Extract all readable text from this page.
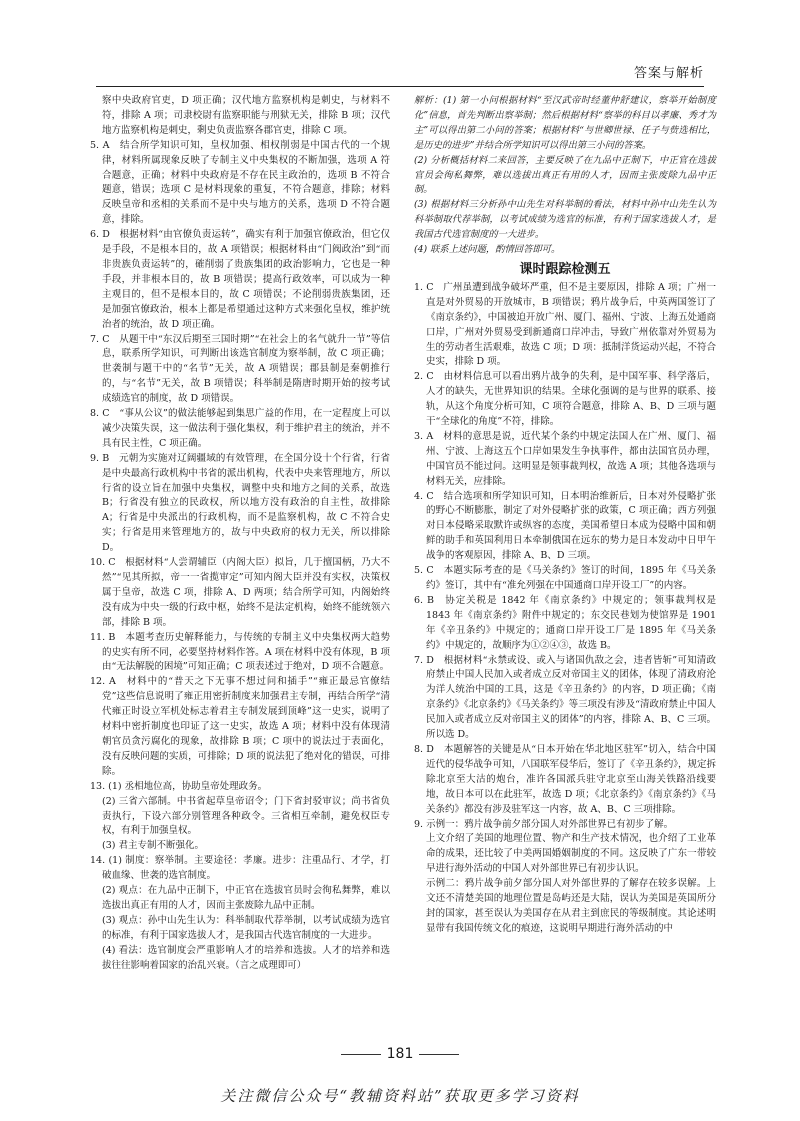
答案与解析
察中央政府官吏，D 项正确；汉代地方监察机构是刺史，与材料不符，排除 A 项；司隶校尉有监察职能与刑狱无关，排除 B 项；汉代地方监察机构是刺史，剩史负责监察各郡官吏，排除 C 项。
5. A　结合所学知识可知，皇权加强、相权削弱是中国古代的一个规律，材料所属现象反映了专制主义中央集权的不断加强，选项 A 符合题意，正确；材料中央政府是不存在民主政治的，选项 B 不符合题意，错误；选项 C 是材料现象的重复，不符合题意，排除；材料反映皇帝和丞相的关系而不是中央与地方的关系，选项 D 不符合题意，排除。
6. D　根据材料“由官僚负责运转”，确实有利于加强官僚政治，但它仅是手段，不是根本目的，故 A 项错误；根据材料由“门阀政治”到“而非贵族负责运转”的，確削弱了贵族集团的政治影响力，它也是一种手段，并非根本目的，故 B 项错误；提高行政效率，可以成为一种主观目的，但不是根本目的，故 C 项错误；不论削弱贵族集团，还是加强官僚政治，根本上都是希望通过这种方式来强化皇权，维护统治者的统治，故 D 项正确。
7. C　从题干中“东汉后期至三国时期”“在社会上的名气就升一节”等信息，联系所学知识，可判断出该选官制度为察举制，故 C 项正确；世袭制与题干中的“名节”无关，故 A 项错误；郡县制是秦朝推行的，与“名节”无关，故 B 项错误；科举制是隋唐时期开始的按考试成绩选官的制度，故 D 项错误。
8. C　“事从公议”的做法能够起到集思广益的作用，在一定程度上可以减少决策失误，这一做法利于强化集权，利于维护君主的统治，并不具有民主性，C 项正确。
9. B　元朝为实施对辽阔疆域的有效管理，在全国分设十个行省，行省是中央最高行政机构中书省的派出机构，代表中央来管理地方，所以行省的设立旨在加强中央集权，调整中央和地方之间的关系，故选 B；行省没有独立的民政权，所以地方没有政治的自主性，故排除 A；行省是中央派出的行政机构，而不是监察机构，故 C 不符合史实；行省是用来管理地方的，故与中央政府的权力无关，所以排除 D。
10. C　根据材料“人尝谓辅臣（内阁大臣）拟旨，几于擅国柄，乃大不然”“见其所拟，帝一一省揽审定”可知内阁大臣并没有实权，决策权属于皇帝，故选 C 项，排除 A、D 两项；结合所学可知，内阁始终没有成为中央一级的行政中枢，始终不是法定机构，始终不能统领六部，排除 B 项。
11. B　本题考查历史解释能力，与传统的专制主义中央集权两大趋势的史实有所不同，必要坚持材料作答。A 项在材料中没有体现，B 项由“无法解脱的困境”可知正确；C 项表述过于绝对，D 项不合题意。
12. A　材料中的“普天之下无事不想过问和插手”“雍正最忌官僚结党”这些信息说明了雍正用密折制度来加强君主专制，再结合所学“清代雍正时设立军机处标志着君主专制发展到顶峰”这一史实，说明了材料中密折制度也印证了这一史实，故选 A 项；材料中没有体现清朝官员贪污腐化的现象，故排除 B 项；C 项中的说法过于表面化，没有反映问题的实质，可排除；D 项的说法犯了绝对化的错误，可排除。
13. (1) 丞相地位高，协助皇帝处理政务。
(2) 三省六部制。中书省起草皇帝诏令；门下省封驳审议；尚书省负责执行，下设六部分别管理各种政令。三省相互牵制，避免权臣专权，有利于加强皇权。
(3) 君主专制不断强化。
14. (1) 制度：察举制。主要途径：孝廉。进步：注重品行、才学，打破血缘、世袭的选官制度。
(2) 观点：在九品中正制下，中正官在选拔官员时会徇私舞弊，难以选拔出真正有用的人才，因而主张废除九品中正制。
(3) 观点：孙中山先生认为：科举制取代荐举制，以考试成绩为选官的标准，有利于国家选拔人才，是我国古代选官制度的一大进步。
(4) 看法：选官制度会严重影响人才的培养和选拔。人才的培养和选拔往往影响着国家的治乱兴衰。（言之成理即可）
解析：(1) 第一小问根据材料“至汉武帝时经董仲舒建议，察举开始制度化”信息，首先判断出察举制；然后根据材料“察举的科目以孝廉、秀才为主”可以得出第二小问的答案；根据材料“与世卿世禄、任子与赀选相比，是历史的进步”并结合所学知识可以得出第三小问的答案。
(2) 分析概括材料二来回答，主要反映了在九品中正制下，中正官在选拔官员会徇私舞弊，难以选拔出真正有用的人才，因而主张废除九品中正制。
(3) 根据材料三分析孙中山先生对科举制的看法，材料中孙中山先生认为科举制取代荐举制，以考试成绩为选官的标准，有利于国家选拔人才，是我国古代选官制度的一大进步。
(4) 联系上述问题，酌情回答即可。
课时跟踪检测五
1. C　广州虽遭到战争破坏严重，但不是主要原因，排除 A 项；广州一直是对外贸易的开放城市，B 项错误；鸦片战争后，中英两国签订了《南京条约》，中国被迫开放广州、厦门、福州、宁波、上海五处通商口岸，广州对外贸易受到新通商口岸冲击，导致广州依靠对外贸易为生的劳动者生活艰难，故选 C 项；D 项：抵制洋货运动兴起，不符合史实，排除 D 项。
2. C　由材料信息可以看出鸦片战争的失利，是中国军事、科学落后，人才的缺失，无世界知识的结果。全球化强调的是与世界的联系、接轨，从这个角度分析可知，C 项符合题意，排除 A、B、D 三项与题干“全球化的角度”不符，排除。
3. A　材料的意思是说，近代某个条约中规定法国人在广州、厦门、福州、宁波、上海这五个口岸如果发生争执事件，都由法国官员办理，中国官员不能过问。这明显是领事裁判权，故选 A 项；其他各选项与材料无关，应排除。
4. C　结合选项和所学知识可知，日本明治维新后，日本对外侵略扩张的野心不断膨胀，制定了对外侵略扩张的政策，C 项正确；西方列强对日本侵略采取默许或纵容的态度，美国希望日本成为侵略中国和朝鲜的助手和英国利用日本牵制俄国在远东的势力是日本发动中日甲午战争的客观原因，排除 A、B、D 三项。
5. C　本题实际考查的是《马关条约》签订的时间，1895 年《马关条约》签订，其中有“准允列强在中国通商口岸开设工厂”的内容。
6. B　协定关税是 1842 年《南京条约》中规定的；领事裁判权是 1843 年《南京条约》附件中规定的；东交民巷划为使馆界是 1901 年《辛丑条约》中规定的；通商口岸开设工厂是 1895 年《马关条约》中规定的，故顺序为①②④③，故选 B。
7. D　根据材料“永禁或设、或入与诸国仇敌之会，违者皆斩”可知清政府禁止中国人民加入或者成立反对帝国主义的团体，体现了清政府沦为洋人统治中国的工具，这是《辛丑条约》的内容，D 项正确；《南京条约》《北京条约》《马关条约》等三项没有涉及“清政府禁止中国人民加入或者成立反对帝国主义的团体”的内容，排除 A、B、C 三项。所以选 D。
8. D　本题解答的关键是从“日本开始在华北地区驻军”切入，结合中国近代的侵华战争可知，八国联军侵华后，签订了《辛丑条约》，规定拆除北京至大沽的炮台，准许各国派兵驻守北京至山海关铁路沿线要地，故日本可以在此驻军，故选 D 项；《北京条约》《南京条约》《马关条约》都没有涉及驻军这一内容，故 A、B、C 三项排除。
9. 示例一：鸦片战争前夕部分国人对外部世界已有初步了解。
上文介绍了美国的地理位置、物产和生产技术情况，也介绍了工业革命的成果，还比较了中美两国婚姻制度的不同。这反映了广东一带较早进行海外活动的中国人对外部世界已有初步认识。
示例二：鸦片战争前夕部分国人对外部世界的了解存在较多误解。上文还不清楚美国的地理位置是岛屿还是大陆，误认为美国是英国所分封的国家，甚至误认为美国存在从君主到庶民的等级制度。其论述明显带有我国传统文化的痕迹，这说明早期进行海外活动的中
181
关注微信公众号“教辅资料站”获取更多学习资料
